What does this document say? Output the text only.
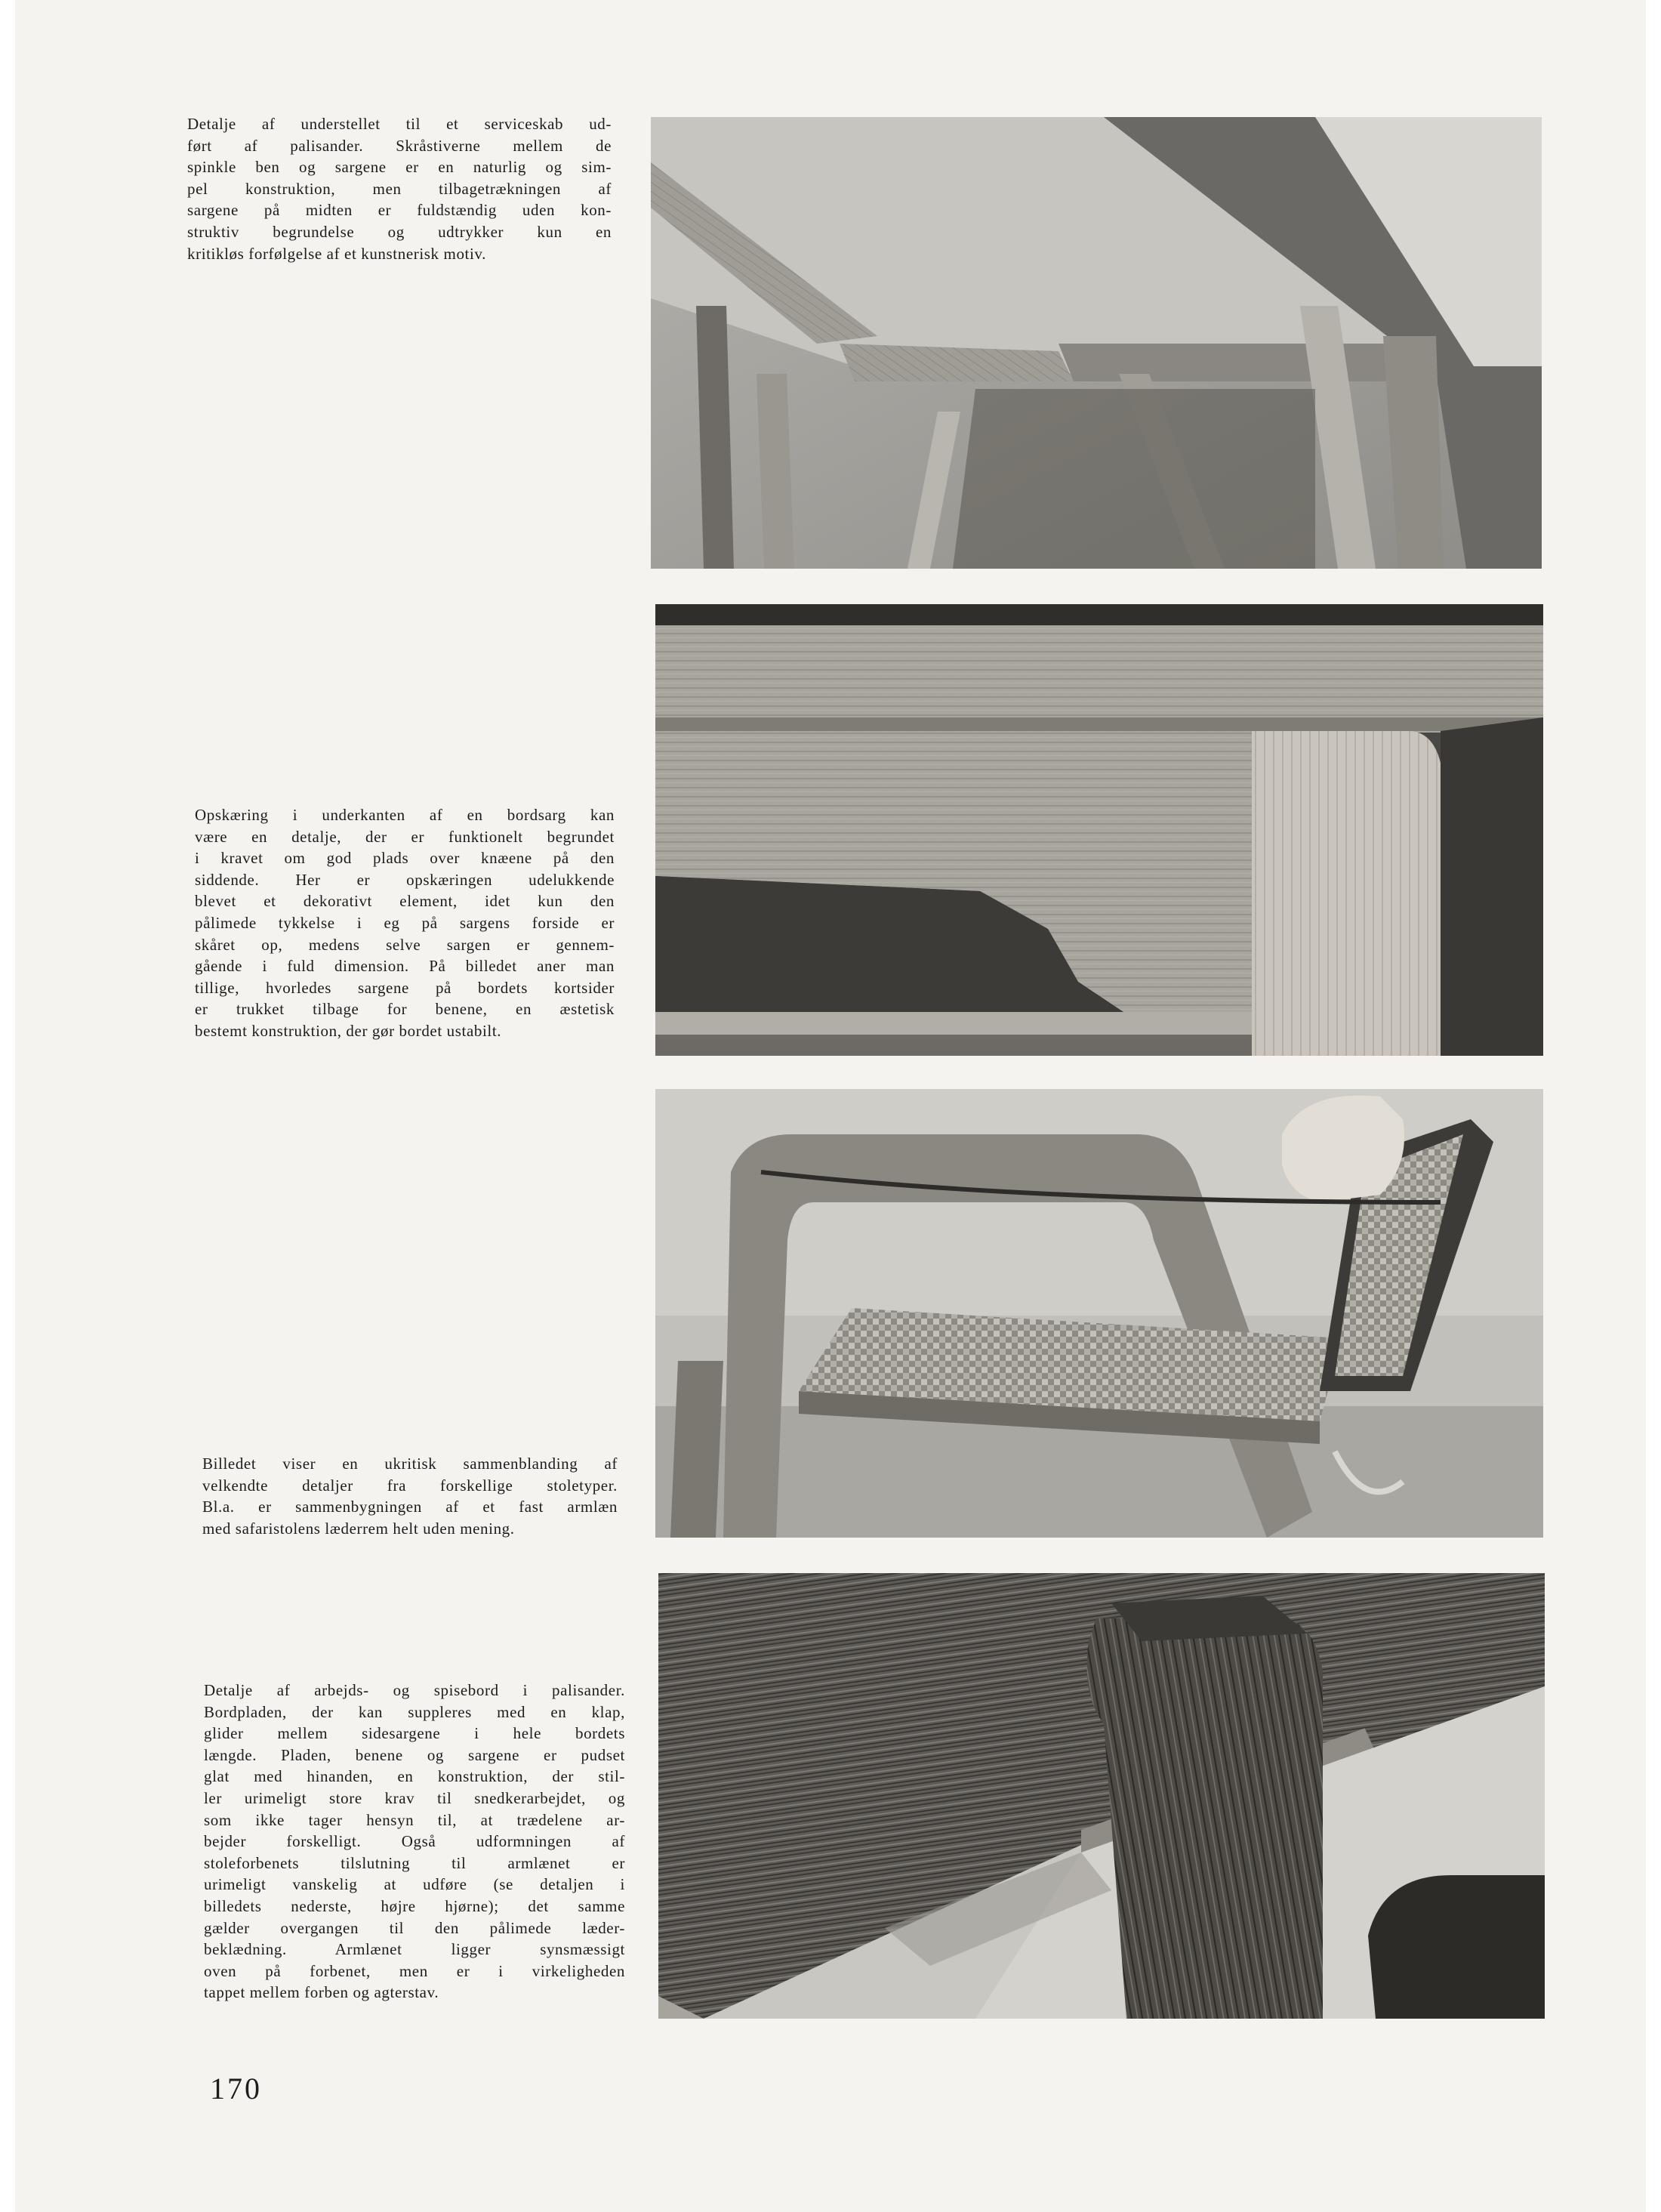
Detalje af understellet til et serviceskab ud-
ført af palisander. Skråstiverne mellem de
spinkle ben og sargene er en naturlig og sim-
pel konstruktion, men tilbagetrækningen af
sargene på midten er fuldstændig uden kon-
struktiv begrundelse og udtrykker kun en
kritikløs forfølgelse af et kunstnerisk motiv.
Opskæring i underkanten af en bordsarg kan
være en detalje, der er funktionelt begrundet
i kravet om god plads over knæene på den
siddende. Her er opskæringen udelukkende
blevet et dekorativt element, idet kun den
pålimede tykkelse i eg på sargens forside er
skåret op, medens selve sargen er gennem-
gående i fuld dimension. På billedet aner man
tillige, hvorledes sargene på bordets kortsider
er trukket tilbage for benene, en æstetisk
bestemt konstruktion, der gør bordet ustabilt.
Billedet viser en ukritisk sammenblanding af
velkendte detaljer fra forskellige stoletyper.
Bl.a. er sammenbygningen af et fast armlæn
med safaristolens læderrem helt uden mening.
Detalje af arbejds- og spisebord i palisander.
Bordpladen, der kan suppleres med en klap,
glider mellem sidesargene i hele bordets
længde. Pladen, benene og sargene er pudset
glat med hinanden, en konstruktion, der stil-
ler urimeligt store krav til snedkerarbejdet, og
som ikke tager hensyn til, at trædelene ar-
bejder forskelligt. Også udformningen af
stoleforbenets tilslutning til armlænet er
urimeligt vanskelig at udføre (se detaljen i
billedets nederste, højre hjørne); det samme
gælder overgangen til den pålimede læder-
beklædning. Armlænet ligger synsmæssigt
oven på forbenet, men er i virkeligheden
tappet mellem forben og agterstav.
170
